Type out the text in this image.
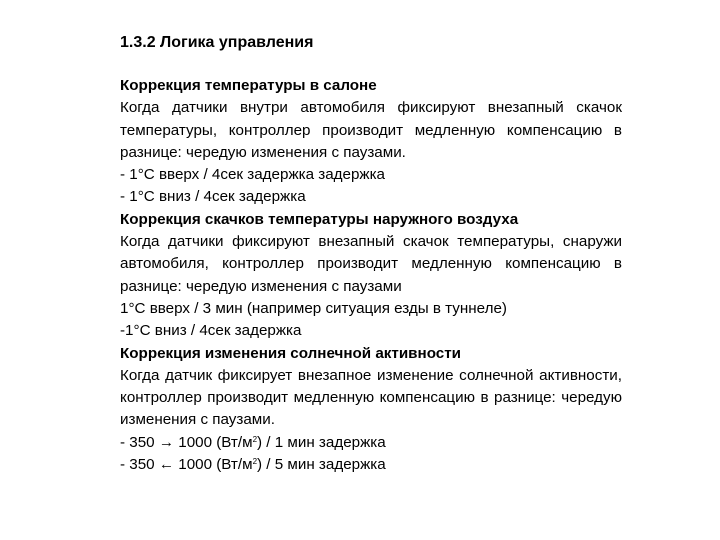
1.3.2 Логика управления

Коррекция температуры в салоне

Когда датчики внутри автомобиля фиксируют внезапный скачок температуры, контроллер производит медленную компенсацию в разнице: чередую изменения с паузами.

- 1°C вверх / 4сек задержка задержка

- 1°C вниз / 4сек задержка

Коррекция скачков температуры наружного воздуха

Когда датчики фиксируют внезапный скачок температуры, снаружи автомобиля, контроллер производит медленную компенсацию в разнице: чередую изменения с паузами

1°C вверх / 3 мин (например ситуация езды в туннеле)

-1°C вниз / 4сек задержка

Коррекция изменения солнечной активности

Когда датчик фиксирует внезапное изменение солнечной активности, контроллер производит медленную компенсацию в разнице: чередую изменения с паузами.

- 350 → 1000 $(Вт/м^2) / 1$ мин задержка

- 350 ← 1000 $(Вт/м^2) / 5$ мин задержка
